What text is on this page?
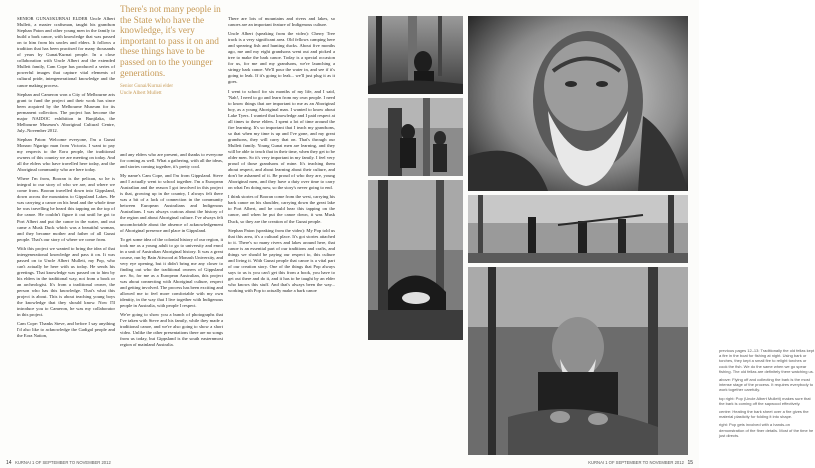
There's not many people in the State who have the knowledge, it's very important to pass it on and these things have to be passed on to the younger generations.
Senior Gunai/Kurnai elder
Uncle Albert Mullett

SENIOR GUNAI/KURNAI ELDER Uncle Albert Mullett, a master craftsman, taught his grandson Stephan Paton and other young men in the family to build a bark canoe, with knowledge that was passed on to him from his uncles and elders. It follows a tradition that has been practised for many thousands of years by Gunai/Kurnai people. In a close collaboration with Uncle Albert and the extended Mullett family, Cam Cope has produced a series of powerful images that capture vital elements of cultural pride, intergenerational knowledge and the canoe making process.

Stephan and Cameron won a City of Melbourne arts grant to fund the project and their work has since been acquired by the Melbourne Museum for its permanent collection. The project has become the major NAIDOC exhibition in Bunjilaka, the Melbourne Museum's Aboriginal Cultural Centre, July–November 2012.

Stephan Paton: Welcome everyone, I'm a Gunai Monaro Ngarigo man from Victoria. I want to pay my respects to the Eora people, the traditional owners of this country we are meeting on today. And all the elders who have travelled here today, and the Aboriginal community who are here today.

Where I'm from, Booran is the pelican, so he is integral to our story of who we are, and where we come from. Booran travelled down into Gippsland, down across the mountains to Gippsland Lakes. He was carrying a canoe on his head and the whole time he was travelling he heard this tapping on the top of the canoe. He couldn't figure it out until he got to Port Albert and put the canoe in the water, and out came a Musk Duck which was a beautiful woman, and they became mother and father of all Gunai people. That's our story of where we come from.

With this project we wanted to bring the idea of that intergenerational knowledge and pass it on. It was passed on to Uncle Albert Mullett, my Pop, who can't actually be here with us today. He sends his greetings. That knowledge was passed on to him by his elders in the traditional way, not from a book or an archeologist. It's from a traditional owner, the person who has this knowledge. That's what this project is about. This is about teaching young boys the knowledge that they should know. Now I'll introduce you to Cameron, he was my collaborator in this project.

Cam Cope: Thanks Steve, and before I say anything I'd also like to acknowledge the Gadigal people and the Eora Nation,

and any elders who are present, and thanks to everyone for coming as well. What a gathering, with all the ideas, and stories coming together, it's pretty cool.

My name's Cam Cope, and I'm from Gippsland. Steve and I actually went to school together. I'm a European Australian and the reason I got involved in this project is that, growing up in the country, I always felt there was a bit of a lack of connection in the community between European Australians and Indigenous Australians. I was always curious about the history of the region and about Aboriginal culture. I've always felt uncomfortable about the absence of acknowledgement of Aboriginal presence and place in Gippsland.

To get some idea of the colonial history of our region, it took me as a young adult to go to university and enrol in a unit of Australian Aboriginal history. It was a great course, run by Bain Attwood at Monash University, and very eye opening, but it didn't bring me any closer to finding out who the traditional owners of Gippsland are. So, for me as a European Australian, this project was about connecting with Aboriginal culture, respect and getting involved. The process has been exciting and allowed me to feel more comfortable with my own identity, in the way that I live together with Indigenous people in Australia, with people I respect.

We're going to show you a bunch of photographs that I've taken with Steve and his family, while they made a traditional canoe, and we're also going to show a short video. Unlike the other presentations there are no songs from us today, but Gippsland is the south easternmost region of mainland Australia.

There are lots of mountains and rivers and lakes, so canoes are an important feature of Indigenous culture.

Uncle Albert (speaking from the video): Cherry Tree track is a very significant area. Old fellows camping here and spearing fish and hunting ducks. About five months ago, me and my eight grandsons went out and picked a tree to make the bark canoe. Today is a special occasion for us, for me and my grandsons, we're launching a stringy bark canoe. We'll pour the water in, and see if it's going to leak. If it's going to leak... we'll just plug it as it goes.

I went to school for six months of my life, and I said, 'Nah!, I need to go and learn from my own people. I need to know things that are important to me as an Aboriginal boy, as a young Aboriginal man. I wanted to know about Lake Tyers. I wanted that knowledge and I paid respect at all times to these elders. I spent a lot of time around the fire learning. It's so important that I teach my grandsons, so that when my time is up and I've gone, and my great grandsons, they will carry that on. That's through our Mullett family. Young Gunai men are learning, and they will be able to teach that in their time, when they get to be older men. So it's very important in my family. I feel very proud of those grandsons of mine. It's teaching them about respect, and about learning about their culture, and don't be ashamed of it. Be proud of who they are, young Aboriginal men, and they have a duty over time to carry on what I'm doing now, so the story's never going to end.

I think stories of Booran come from the west, carrying his bark canoe on his shoulder, carrying down the great lake to Port Albert, and he could hear this tapping on the canoe, and when he put the canoe down, it was Musk Duck, so they are the creation of the Gunai people.

Stephan Paton (speaking from the video): My Pop told us that this area, it's a cultural place. It's got stories attached to it. There's so many rivers and lakes around here, that canoe is an essential part of our traditions and crafts, and things we should be paying our respect to, this culture and living it. With Gunai people that canoe is a vital part of our creation story. One of the things that Pop always says to us is you can't get this from a book, you have to get out there and do it, and it has to be taught by an elder who knows this stuff. And that's always been the way... working with Pop to actually make a bark canoe

14 KURNAI 1 OF SEPTEMBER TO NOVEMBER 2012

previous pages 12–13: Traditionally the old fellas kept a fire in the boat for fishing at night. Using bark or torches, they kept a small fire to relight torches or cook the fish. We do the same when we go spear fishing. The old fellas are definitely there watching us.

above: Flying off and collecting the bark is the most intense stage of the process. It requires everybody to work together carefully.

top right: Pop (Uncle Albert Mullett) makes sure that the bark is coming off the sapwood effectively.

centre: Heating the bark sheet over a fire gives the material plasticity for folding it into shape.

right: Pop gets involved with a hands-on demonstration of the finer details. Most of the time he just directs.

KURNAI 1 OF SEPTEMBER TO NOVEMBER 2012 15
